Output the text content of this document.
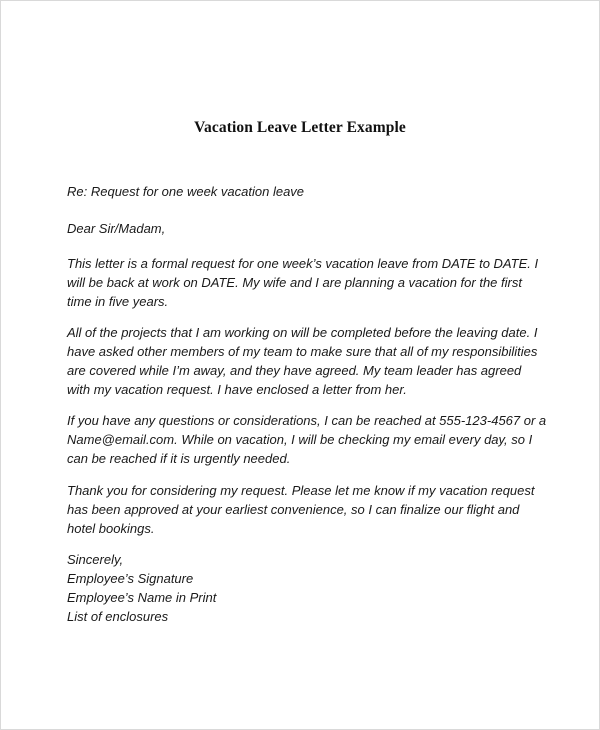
Vacation Leave Letter Example

Re: Request for one week vacation leave

Dear Sir/Madam,

This letter is a formal request for one week’s vacation leave from DATE to DATE. I
will be back at work on DATE. My wife and I are planning a vacation for the first
time in five years.

All of the projects that I am working on will be completed before the leaving date. I
have asked other members of my team to make sure that all of my responsibilities
are covered while I’m away, and they have agreed. My team leader has agreed
with my vacation request. I have enclosed a letter from her.

If you have any questions or considerations, I can be reached at 555-123-4567 or a
Name@email.com. While on vacation, I will be checking my email every day, so I
can be reached if it is urgently needed.

Thank you for considering my request. Please let me know if my vacation request
has been approved at your earliest convenience, so I can finalize our flight and
hotel bookings.

Sincerely,
Employee’s Signature
Employee’s Name in Print
List of enclosures
